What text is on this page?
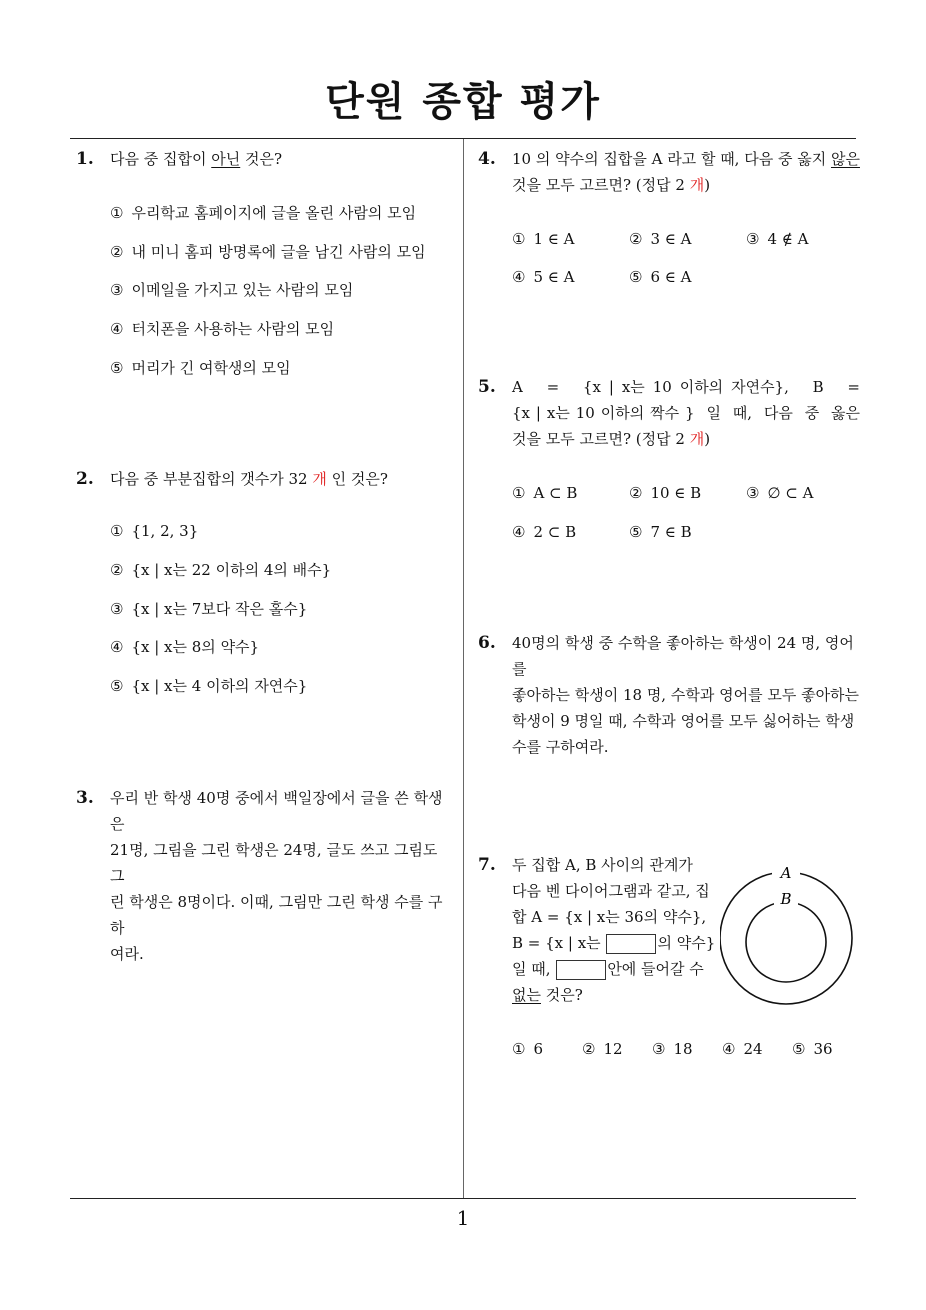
단원 종합 평가
1
1. 다음 중 집합이 아닌 것은?
① 우리학교 홈페이지에 글을 올린 사람의 모임
② 내 미니 홈피 방명록에 글을 남긴 사람의 모임
③ 이메일을 가지고 있는 사람의 모임
④ 터치폰을 사용하는 사람의 모임
⑤ 머리가 긴 여학생의 모임
2. 다음 중 부분집합의 갯수가 32 개 인 것은?
① {1, 2, 3}
② {x | x는 22 이하의 4의 배수}
③ {x | x는 7보다 작은 홀수}
④ {x | x는 8의 약수}
⑤ {x | x는 4 이하의 자연수}
3. 우리 반 학생 40명 중에서 백일장에서 글을 쓴 학생은
21명, 그림을 그린 학생은 24명, 글도 쓰고 그림도 그
린 학생은 8명이다. 이때, 그림만 그린 학생 수를 구하
여라.
4. 10 의 약수의 집합을 A 라고 할 때, 다음 중 옳지 않은
것을 모두 고르면? (정답 2 개)
① 1 ∈ A	② 3 ∈ A	③ 4 ∉ A
④ 5 ∈ A	⑤ 6 ∈ A
5. A   =   {x | x는 10 이하의 자연수},   B   =
{x | x는 10 이하의 짝수 }  일  때,  다음  중  옳은
것을 모두 고르면? (정답 2 개)
① A ⊂ B	② 10 ∈ B	③ ∅ ⊂ A
④ 2 ⊂ B	⑤ 7 ∈ B
6. 40명의 학생 중 수학을 좋아하는 학생이 24 명, 영어를
좋아하는 학생이 18 명, 수학과 영어를 모두 좋아하는
학생이 9 명일 때, 수학과 영어를 모두 싫어하는 학생
수를 구하여라.
7. 두 집합 A, B 사이의 관계가
다음 벤 다이어그램과 같고, 집
합 A = {x | x는 36의 약수},
B = {x | x는	의 약수}
일 때,	안에 들어갈 수
없는 것은?
A
B
① 6	② 12 ③ 18 ④ 24 ⑤ 36
